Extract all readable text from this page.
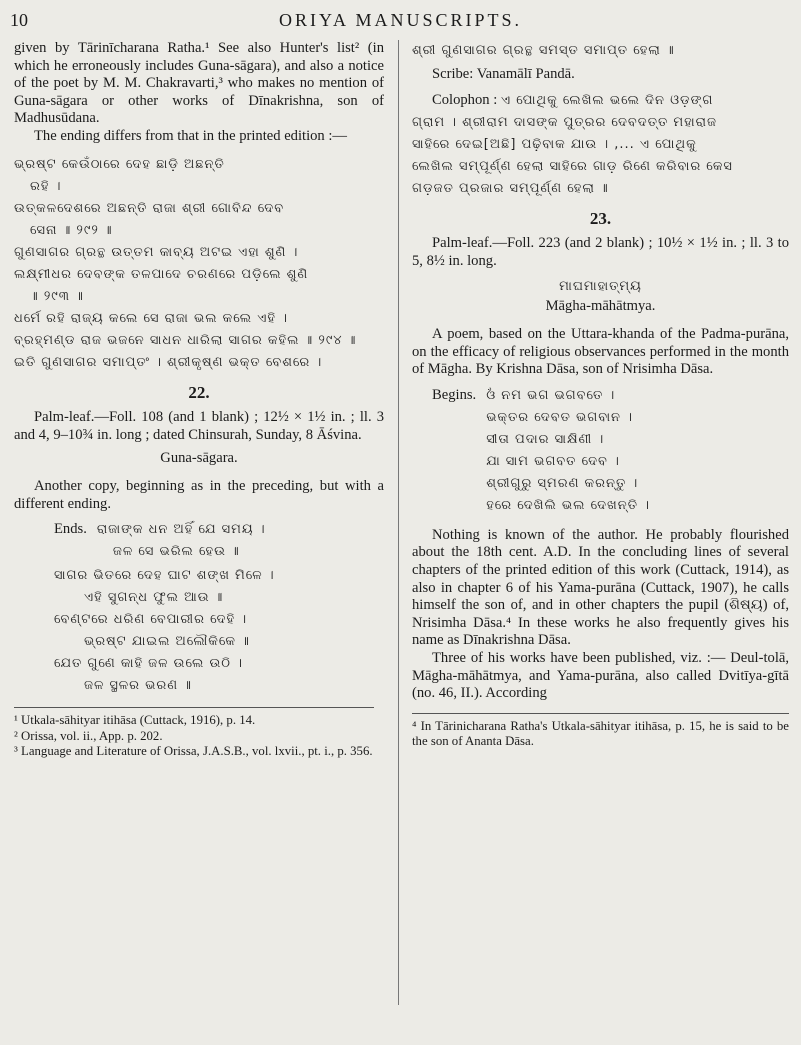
10	ORIYA MANUSCRIPTS.

given by Tārinīcharana Ratha.¹ See also Hunter's list² (in which he erroneously includes Guna-sāgara), and also a notice of the poet by M. M. Chakravarti,³ who makes no mention of Guna-sāgara or other works of Dīnakrishna, son of Madhusūdana.

The ending differs from that in the printed edition :—

ଭ୍ରଷ୍ଟ କେଉଁଠାରେ ଦେହ ଛାଡ଼ି ଅଛନ୍ତି

ରହି ।

ଉତ୍କଳଦେଶରେ ଅଛନ୍ତି ରାଜା ଶ୍ରୀ ଗୋବିନ୍ଦ ଦେବ

ସେନା ॥ ୨୯୨ ॥

ଗୁଣସାଗର ଗ୍ରନ୍ଥ ଉତ୍ତମ କାବ୍ୟ ଅଟଇ ଏହା ଶୁଣି ।

ଲକ୍ଷ୍ମୀଧର ଦେବଙ୍କ ତଳପାଦେ ଚରଣରେ ପଡ଼ିଲେ ଶୁଣି

॥ ୨୯୩ ॥

ଧର୍ମେ ରହି ରାଜ୍ୟ କଲେ ସେ ରାଜା ଭଲ କଲେ ଏହି ।

ବ୍ରହ୍ମଣ୍ଡ ରାଜ ଭଜନେ ସାଧନ ଧାରିଲା ସାଗର କହିଲ ॥ ୨୯୪ ॥

ଇତି ଗୁଣସାଗର ସମାପ୍ତଂ । ଶ୍ରୀକୃଷ୍ଣ ଭକ୍ତ ବେଶରେ ।

22.

Palm-leaf.—Foll. 108 (and 1 blank) ; 12½ × 1½ in. ; ll. 3 and 4, 9–10¾ in. long ; dated Chinsurah, Sunday, 8 Āśvina.

Guna-sāgara.

Another copy, beginning as in the preceding, but with a different ending.

Ends. ରାଜାଙ୍କ ଧନ ଅହିଁ ଯେ ସମୟ ।

ଜଳ ସେ ଭରିଲ ହେଉ ॥

ସାଗର ଭିତରେ ଦେହ ଘାଟ ଶଙ୍ଖ ମିଳେ ।

ଏହି ସୁଗନ୍ଧ ଫୁଲ ଆଉ ॥

ବେଣ୍ଟରେ ଧରିଣ ବେପାରୀର ଦେହି ।

ଭ୍ରଷ୍ଟ ଯାଇଲ ଅଲୌକିକେ ॥

ଯେତ ଗୁଣେ କାହି ଜଳ ଉଲେ ଉଠି ।

ଜଳ ସ୍ଥଳର ଭରଣ ॥

¹ Utkala-sāhityar itihāsa (Cuttack, 1916), p. 14.

² Orissa, vol. ii., App. p. 202.

³ Language and Literature of Orissa, J.A.S.B., vol. lxvii., pt. i., p. 356.

ଶ୍ରୀ ଗୁଣସାଗର ଗ୍ରନ୍ଥ ସମସ୍ତ ସମାପ୍ତ ହେଲା ॥

Scribe: Vanamālī Pandā.

Colophon : ଏ ପୋଥିକୁ ଲେଖିଲ ଭଲେ ଦିନ ଓଡ଼ଙ୍ଗ

ଗ୍ରାମ । ଶ୍ରୀରାମ ଦାସଙ୍କ ପୁତ୍ରର ଦେବଦତ୍ତ ମହାରାଜ

ସାହିରେ ଦେଇ[ଅଛି] ପଢ଼ିବାକ ଯାଉ । ,... ଏ ପୋଥିକୁ

ଲେଖିଲ ସମ୍ପୂର୍ଣ୍ଣ ହେଲା ସାହିରେ ଗାଡ଼ ରିଣେ କରିବାର କେସ

ଗଡ଼ଜତ ପ୍ରଜାର ସମ୍ପୂର୍ଣ୍ଣ ହେଲା ॥

23.

Palm-leaf.—Foll. 223 (and 2 blank) ; 10½ × 1½ in. ; ll. 3 to 5, 8½ in. long.

ମାଘମାହାତ୍ମ୍ୟ
Māgha-māhātmya.

A poem, based on the Uttara-khanda of the Padma-purāna, on the efficacy of religious observances performed in the month of Māgha. By Krishna Dāsa, son of Nrisimha Dāsa.

Begins. ଓଁ ନମ ଭଗ ଭଗବତେ ।

ଭକ୍ତର ଦେବତ ଭଗବାନ ।

ସୀତା ପଦାର ସାକ୍ଷିଣୀ ।

ଯା ସାମ ଭଗବତ ଦେବ ।

ଶ୍ରୀଗୁରୁ ସ୍ମରଣ କରନ୍ତୁ ।

ହରେ ଦେଖିଲି ଭଲ ଦେଖନ୍ତି ।

Nothing is known of the author. He probably flourished about the 18th cent. A.D. In the concluding lines of several chapters of the printed edition of this work (Cuttack, 1914), as also in chapter 6 of his Yama-purāna (Cuttack, 1907), he calls himself the son of, and in other chapters the pupil (ଶିଷ୍ୟ) of, Nrisimha Dāsa.⁴ In these works he also frequently gives his name as Dīnakrishna Dāsa.

Three of his works have been published, viz. :— Deul-tolā, Māgha-māhātmya, and Yama-purāna, also called Dvitīya-gītā (no. 46, II.). According

⁴ In Tārinicharana Ratha's Utkala-sāhityar itihāsa, p. 15, he is said to be the son of Ananta Dāsa.
